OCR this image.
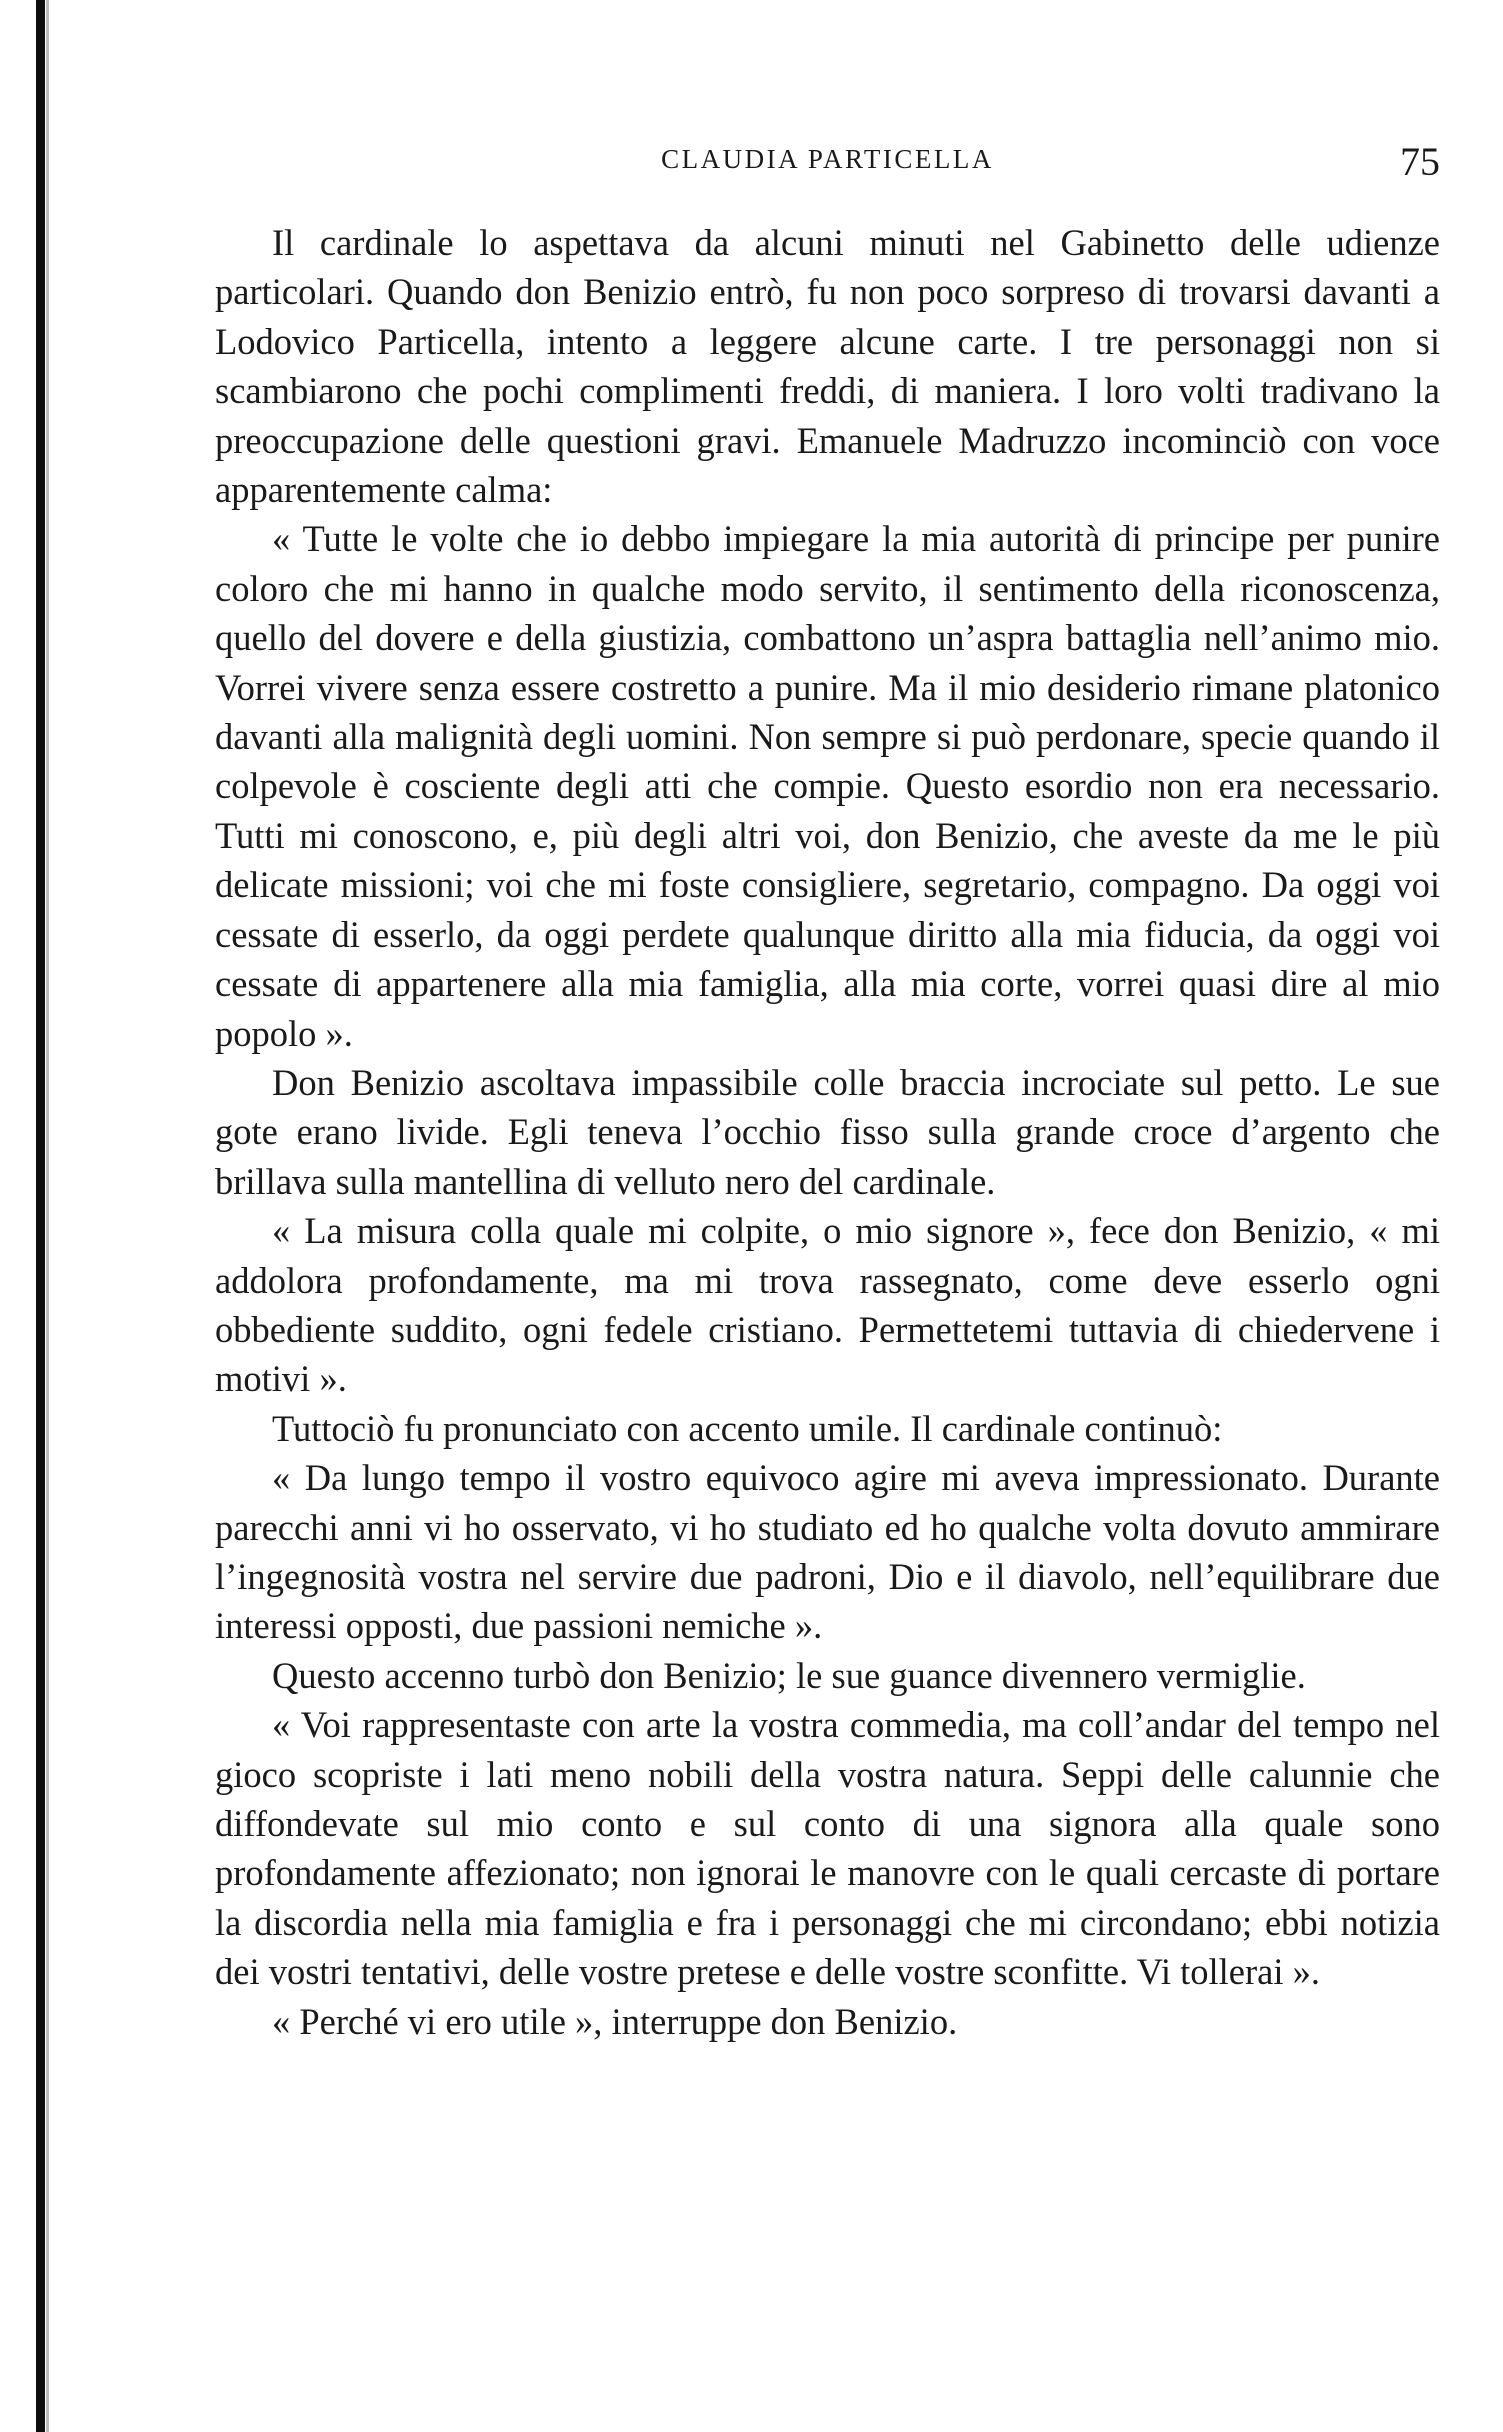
CLAUDIA PARTICELLA	75

Il cardinale lo aspettava da alcuni minuti nel Gabinetto delle udienze particolari. Quando don Benizio entrò, fu non poco sorpreso di trovarsi davanti a Lodovico Particella, intento a leggere alcune carte. I tre personaggi non si scambiarono che pochi complimenti freddi, di maniera. I loro volti tradivano la preoccupazione delle questioni gravi. Emanuele Madruzzo incominciò con voce apparentemente calma:

« Tutte le volte che io debbo impiegare la mia autorità di principe per punire coloro che mi hanno in qualche modo servito, il sentimento della riconoscenza, quello del dovere e della giustizia, combattono un’aspra battaglia nell’animo mio. Vorrei vivere senza essere costretto a punire. Ma il mio desiderio rimane platonico davanti alla malignità degli uomini. Non sempre si può perdonare, specie quando il colpevole è cosciente degli atti che compie. Questo esordio non era necessario. Tutti mi conoscono, e, più degli altri voi, don Benizio, che aveste da me le più delicate missioni; voi che mi foste consigliere, segretario, compagno. Da oggi voi cessate di esserlo, da oggi perdete qualunque diritto alla mia fiducia, da oggi voi cessate di appartenere alla mia famiglia, alla mia corte, vorrei quasi dire al mio popolo ».

Don Benizio ascoltava impassibile colle braccia incrociate sul petto. Le sue gote erano livide. Egli teneva l’occhio fisso sulla grande croce d’argento che brillava sulla mantellina di velluto nero del cardinale.

« La misura colla quale mi colpite, o mio signore », fece don Benizio, « mi addolora profondamente, ma mi trova rassegnato, come deve esserlo ogni obbediente suddito, ogni fedele cristiano. Permettetemi tuttavia di chiedervene i motivi ».

Tuttociò fu pronunciato con accento umile. Il cardinale continuò:

« Da lungo tempo il vostro equivoco agire mi aveva impressionato. Durante parecchi anni vi ho osservato, vi ho studiato ed ho qualche volta dovuto ammirare l’ingegnosità vostra nel servire due padroni, Dio e il diavolo, nell’equilibrare due interessi opposti, due passioni nemiche ».

Questo accenno turbò don Benizio; le sue guance divennero vermiglie.

« Voi rappresentaste con arte la vostra commedia, ma coll’andar del tempo nel gioco scopriste i lati meno nobili della vostra natura. Seppi delle calunnie che diffondevate sul mio conto e sul conto di una signora alla quale sono profondamente affezionato; non ignorai le manovre con le quali cercaste di portare la discordia nella mia famiglia e fra i personaggi che mi circondano; ebbi notizia dei vostri tentativi, delle vostre pretese e delle vostre sconfitte. Vi tollerai ».

« Perché vi ero utile », interruppe don Benizio.
